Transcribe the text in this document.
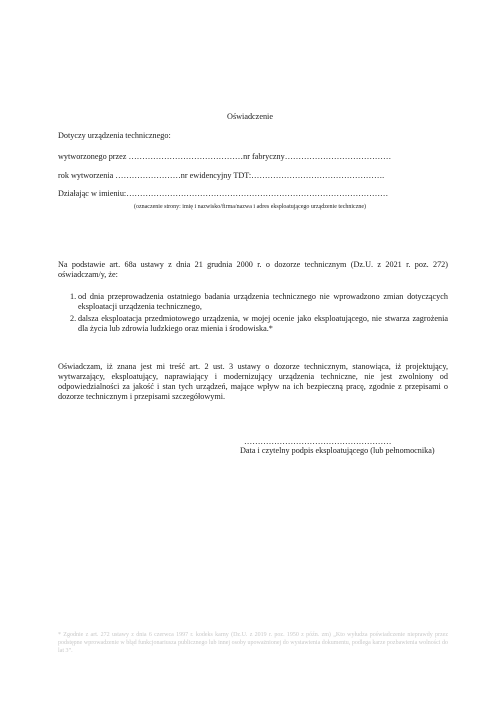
Oświadczenie
Dotyczy urządzenia technicznego:
wytworzonego przez ……………………………………nr fabryczny…………………………………
rok wytworzenia ……………………nr ewidencyjny TDT:………………………………………….
Działając w imieniu:……………………………………………………………………………………
(oznaczenie strony: imię i nazwisko/firma/nazwa i adres eksploatującego urządzenie techniczne)
Na podstawie art. 68a ustawy z dnia 21 grudnia 2000 r. o dozorze technicznym (Dz.U. z 2021 r. poz. 272) oświadczam/y, że:
1. od dnia przeprowadzenia ostatniego badania urządzenia technicznego nie wprowadzono zmian dotyczących eksploatacji urządzenia technicznego,
2. dalsza eksploatacja przedmiotowego urządzenia, w mojej ocenie jako eksploatującego, nie stwarza zagrożenia dla życia lub zdrowia ludzkiego oraz mienia i środowiska.*
Oświadczam, iż znana jest mi treść art. 2 ust. 3 ustawy o dozorze technicznym, stanowiąca, iż projektujący, wytwarzający, eksploatujący, naprawiający i modernizujący urządzenia techniczne, nie jest zwolniony od odpowiedzialności za jakość i stan tych urządzeń, mające wpływ na ich bezpieczną pracę, zgodnie z przepisami o dozorze technicznym i przepisami szczegółowymi.
………………………………………………
Data i czytelny podpis eksploatującego (lub pełnomocnika)
* Zgodnie z art. 272 ustawy z dnia 6 czerwca 1997 r. kodeks karny (Dz.U. z 2019 r. poz. 1950 z późn. zm) „Kto wyłudza poświadczenie nieprawdy przez podstępne wprowadzenie w błąd funkcjonariusza publicznego lub innej osoby upoważnionej do wystawienia dokumentu, podlega karze pozbawienia wolności do lat 3”.
